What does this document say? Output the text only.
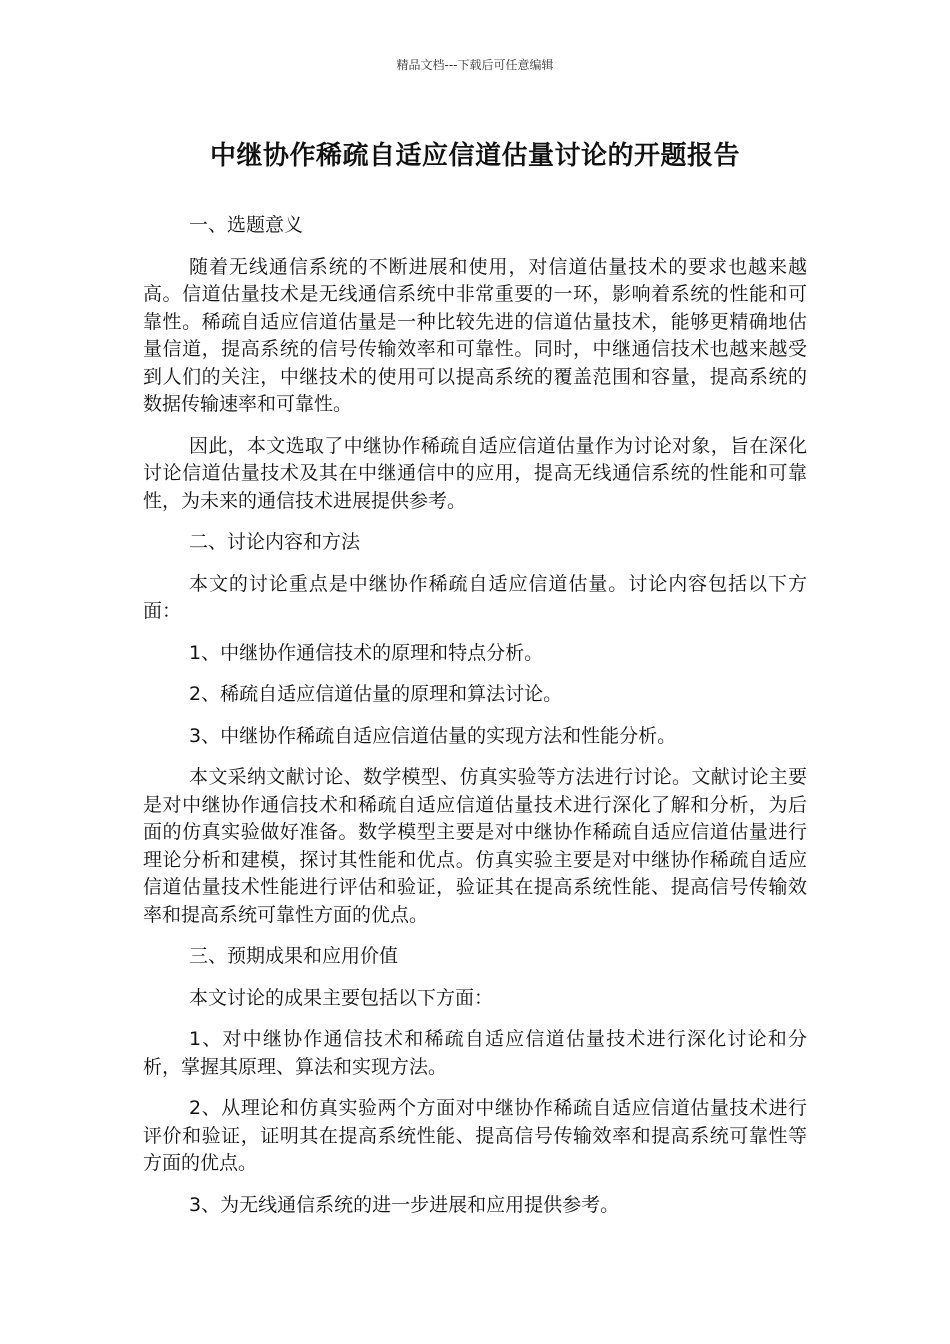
精品文档---下载后可任意编辑
中继协作稀疏自适应信道估量讨论的开题报告

一、选题意义

随着无线通信系统的不断进展和使用，对信道估量技术的要求也越来越高。信道估量技术是无线通信系统中非常重要的一环，影响着系统的性能和可靠性。稀疏自适应信道估量是一种比较先进的信道估量技术，能够更精确地估量信道，提高系统的信号传输效率和可靠性。同时，中继通信技术也越来越受到人们的关注，中继技术的使用可以提高系统的覆盖范围和容量，提高系统的数据传输速率和可靠性。

因此，本文选取了中继协作稀疏自适应信道估量作为讨论对象，旨在深化讨论信道估量技术及其在中继通信中的应用，提高无线通信系统的性能和可靠性，为未来的通信技术进展提供参考。

二、讨论内容和方法

本文的讨论重点是中继协作稀疏自适应信道估量。讨论内容包括以下方面：

1、中继协作通信技术的原理和特点分析。

2、稀疏自适应信道估量的原理和算法讨论。

3、中继协作稀疏自适应信道估量的实现方法和性能分析。

本文采纳文献讨论、数学模型、仿真实验等方法进行讨论。文献讨论主要是对中继协作通信技术和稀疏自适应信道估量技术进行深化了解和分析，为后面的仿真实验做好准备。数学模型主要是对中继协作稀疏自适应信道估量进行理论分析和建模，探讨其性能和优点。仿真实验主要是对中继协作稀疏自适应信道估量技术性能进行评估和验证，验证其在提高系统性能、提高信号传输效率和提高系统可靠性方面的优点。

三、预期成果和应用价值

本文讨论的成果主要包括以下方面：

1、对中继协作通信技术和稀疏自适应信道估量技术进行深化讨论和分析，掌握其原理、算法和实现方法。

2、从理论和仿真实验两个方面对中继协作稀疏自适应信道估量技术进行评价和验证，证明其在提高系统性能、提高信号传输效率和提高系统可靠性等方面的优点。

3、为无线通信系统的进一步进展和应用提供参考。
